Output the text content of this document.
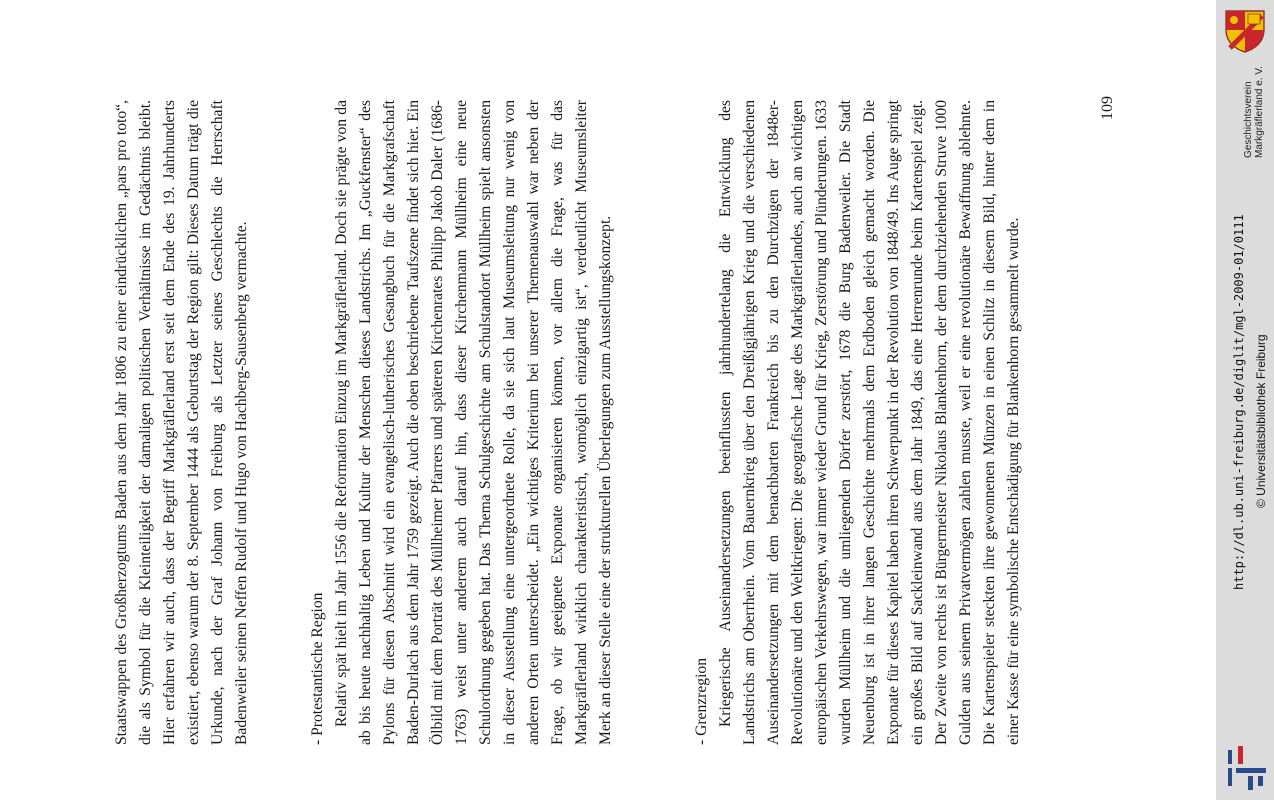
Staatswappen des Großherzogtums Baden aus dem Jahr 1806 zu einer eindrücklichen „pars pro toto“, die als Symbol für die Kleinteiligkeit der damaligen politischen Verhältnisse im Gedächtnis bleibt. Hier erfahren wir auch, dass der Begriff Markgräflerland erst seit dem Ende des 19. Jahrhunderts existiert, ebenso warum der 8. September 1444 als Geburtstag der Region gilt: Dieses Datum trägt die Urkunde, nach der Graf Johann von Freiburg als Letzter seines Geschlechts die Herrschaft Badenweiler seinen Neffen Rudolf und Hugo von Hachberg-Sausenberg vermachte.	- Protestantische Region Relativ spät hielt im Jahr 1556 die Reformation Einzug im Markgräflerland. Doch sie prägte von da ab bis heute nachhaltig Leben und Kultur der Menschen dieses Landstrichs. Im „Guckfenster“ des Pylons für diesen Abschnitt wird ein evangelisch-lutherisches Gesangbuch für die Markgrafschaft Baden-Durlach aus dem Jahr 1759 gezeigt. Auch die oben beschriebene Taufszene findet sich hier. Ein Ölbild mit dem Porträt des Müllheimer Pfarrers und späteren Kirchenrates Philipp Jakob Daler (1686-1763) weist unter anderem auch darauf hin, dass dieser Kirchenmann Müllheim eine neue Schulordnung gegeben hat. Das Thema Schulgeschichte am Schulstandort Müllheim spielt ansonsten in dieser Ausstellung eine untergeordnete Rolle, da sie sich laut Museumsleitung nur wenig von anderen Orten unterscheidet. „Ein wichtiges Kriterium bei unserer Themenauswahl war neben der Frage, ob wir geeignete Exponate organisieren können, vor allem die Frage, was für das Markgräflerland wirklich charakteristisch, womöglich einzigartig ist“, verdeutlicht Museumsleiter Merk an dieser Stelle eine der strukturellen Überlegungen zum Ausstellungskonzept.	- Grenzregion Kriegerische Auseinandersetzungen beeinflussten jahrhundertelang die Entwicklung des Landstrichs am Oberrhein. Vom Bauernkrieg über den Dreißigjährigen Krieg und die verschiedenen Auseinandersetzungen mit dem benachbarten Frankreich bis zu den Durchzügen der 1848er-Revolutionäre und den Weltkriegen: Die geografische Lage des Markgräflerlandes, auch an wichtigen europäischen Verkehrswegen, war immer wieder Grund für Krieg, Zerstörung und Plünderungen. 1633 wurden Müllheim und die umliegenden Dörfer zerstört, 1678 die Burg Badenweiler. Die Stadt Neuenburg ist in ihrer langen Geschichte mehrmals dem Erdboden gleich gemacht worden. Die Exponate für dieses Kapitel haben ihren Schwerpunkt in der Revolution von 1848/49. Ins Auge springt ein großes Bild auf Sackleinwand aus dem Jahr 1849, das eine Herrenrunde beim Kartenspiel zeigt. Der Zweite von rechts ist Bürgermeister Nikolaus Blankenhorn, der dem durchziehenden Struve 1000 Gulden aus seinem Privatvermögen zahlen musste, weil er eine revolutionäre Bewaffnung ablehnte. Die Kartenspieler steckten ihre gewonnenen Münzen in einen Schlitz in diesem Bild, hinter dem in einer Kasse für eine symbolische Entschädigung für Blankenhorn gesammelt wurde.

109	Geschichtsverein Markgräflerland e. V.
http://dl.ub.uni-freiburg.de/diglit/mgl-2009-01/0111 © Universitätsbibliothek Freiburg
